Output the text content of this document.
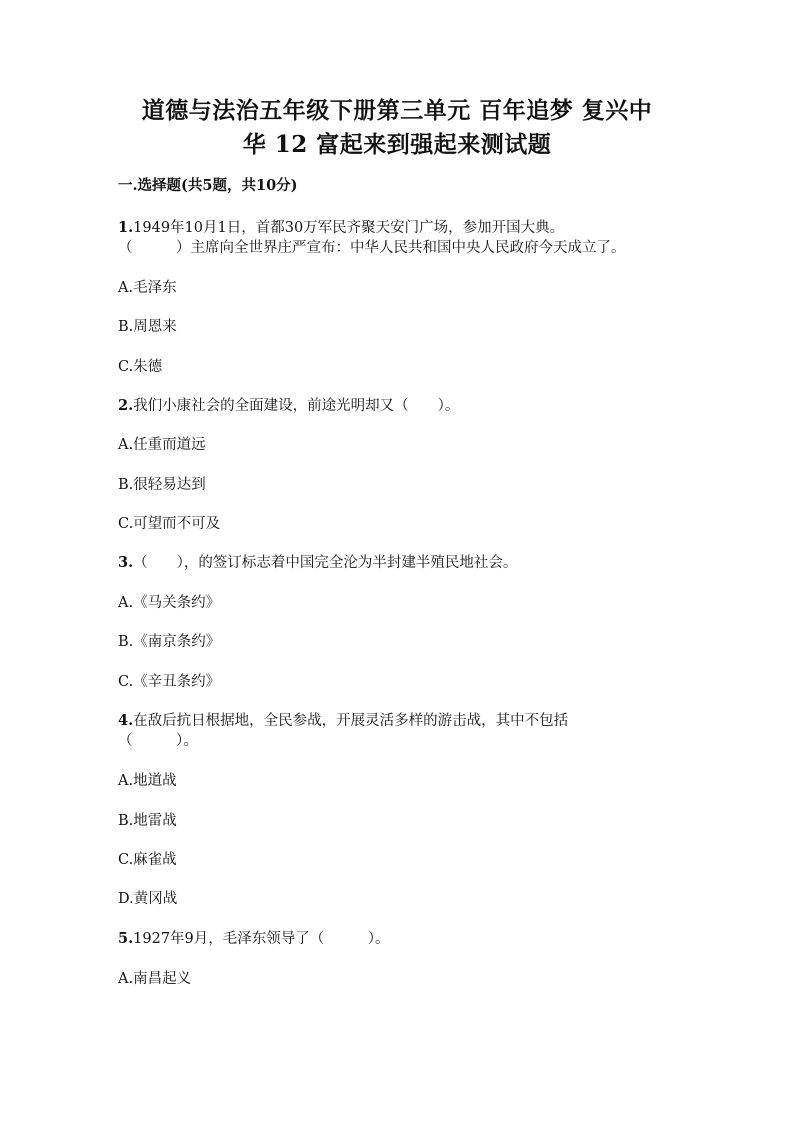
道德与法治五年级下册第三单元 百年追梦 复兴中
华 12 富起来到强起来测试题
一.选择题(共5题，共10分)
1.1949年10月1日，首都30万军民齐聚天安门广场，参加开国大典。
（　　　）主席向全世界庄严宣布：中华人民共和国中央人民政府今天成立了。
A.毛泽东
B.周恩来
C.朱德
2.我们小康社会的全面建设，前途光明却又（　　）。
A.任重而道远
B.很轻易达到
C.可望而不可及
3.（　　），的签订标志着中国完全沦为半封建半殖民地社会。
A.《马关条约》
B.《南京条约》
C.《辛丑条约》
4.在敌后抗日根据地，全民参战，开展灵活多样的游击战，其中不包括
（　　　）。
A.地道战
B.地雷战
C.麻雀战
D.黄冈战
5.1927年9月，毛泽东领导了（　　　）。
A.南昌起义
